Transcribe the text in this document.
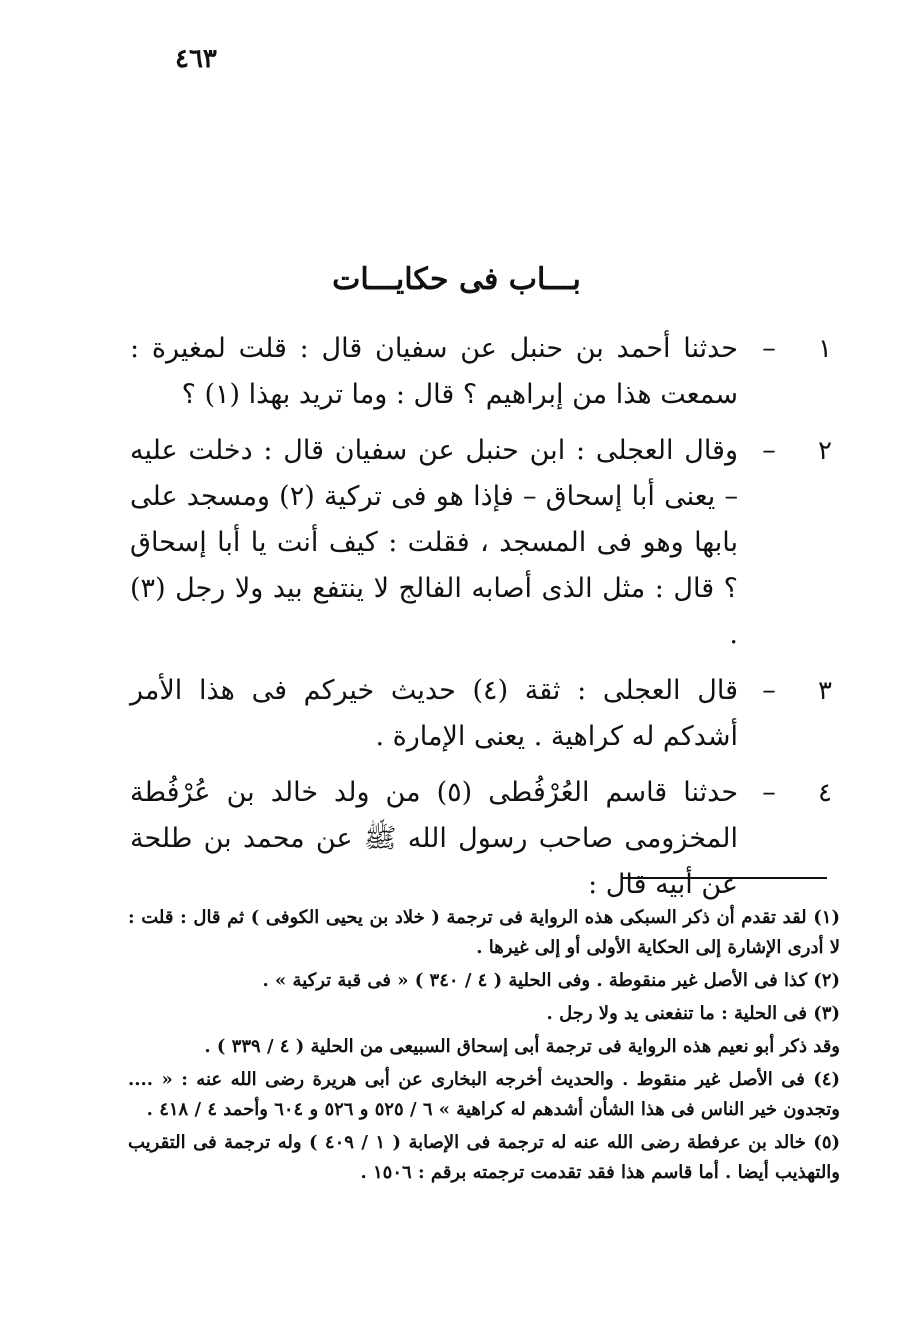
٤٦٣
بـــاب فى حكايـــات
١
–
حدثنا أحمد بن حنبل عن سفيان قال : قلت لمغيرة : سمعت هذا من إبراهيم ؟ قال : وما تريد بهذا (١) ؟
٢
–
وقال العجلى : ابن حنبل عن سفيان قال : دخلت عليه – يعنى أبا إسحاق – فإذا هو فى تركية (٢) ومسجد على بابها وهو فى المسجد ، فقلت : كيف أنت يا أبا إسحاق ؟ قال : مثل الذى أصابه الفالج لا ينتفع بيد ولا رجل (٣) .
٣
–
قال العجلى : ثقة (٤) حديث خيركم فى هذا الأمر أشدكم له كراهية . يعنى الإمارة .
٤
–
حدثنا قاسم العُرْفُطى (٥) من ولد خالد بن عُرْفُطة المخزومى صاحب رسول الله ﷺ عن محمد بن طلحة عن أبيه قال :

(١) لقد تقدم أن ذكر السبكى هذه الرواية فى ترجمة ( خلاد بن يحيى الكوفى ) ثم قال : قلت : لا أدرى الإشارة إلى الحكاية الأولى أو إلى غيرها .

(٢) كذا فى الأصل غير منقوطة . وفى الحلية ( ٤ / ٣٤٠ ) « فى قبة تركية » .

(٣) فى الحلية : ما تنفعنى يد ولا رجل .

وقد ذكر أبو نعيم هذه الرواية فى ترجمة أبى إسحاق السبيعى من الحلية ( ٤ / ٣٣٩ ) .

(٤) فى الأصل غير منقوط . والحديث أخرجه البخارى عن أبى هريرة رضى الله عنه : « .... وتجدون خير الناس فى هذا الشأن أشدهم له كراهية » ٦ / ٥٢٥ و ٥٢٦ و ٦٠٤ وأحمد ٤ / ٤١٨ .

(٥) خالد بن عرفطة رضى الله عنه له ترجمة فى الإصابة ( ١ / ٤٠٩ ) وله ترجمة فى التقريب والتهذيب أيضا . أما قاسم هذا فقد تقدمت ترجمته برقم : ١٥٠٦ .
